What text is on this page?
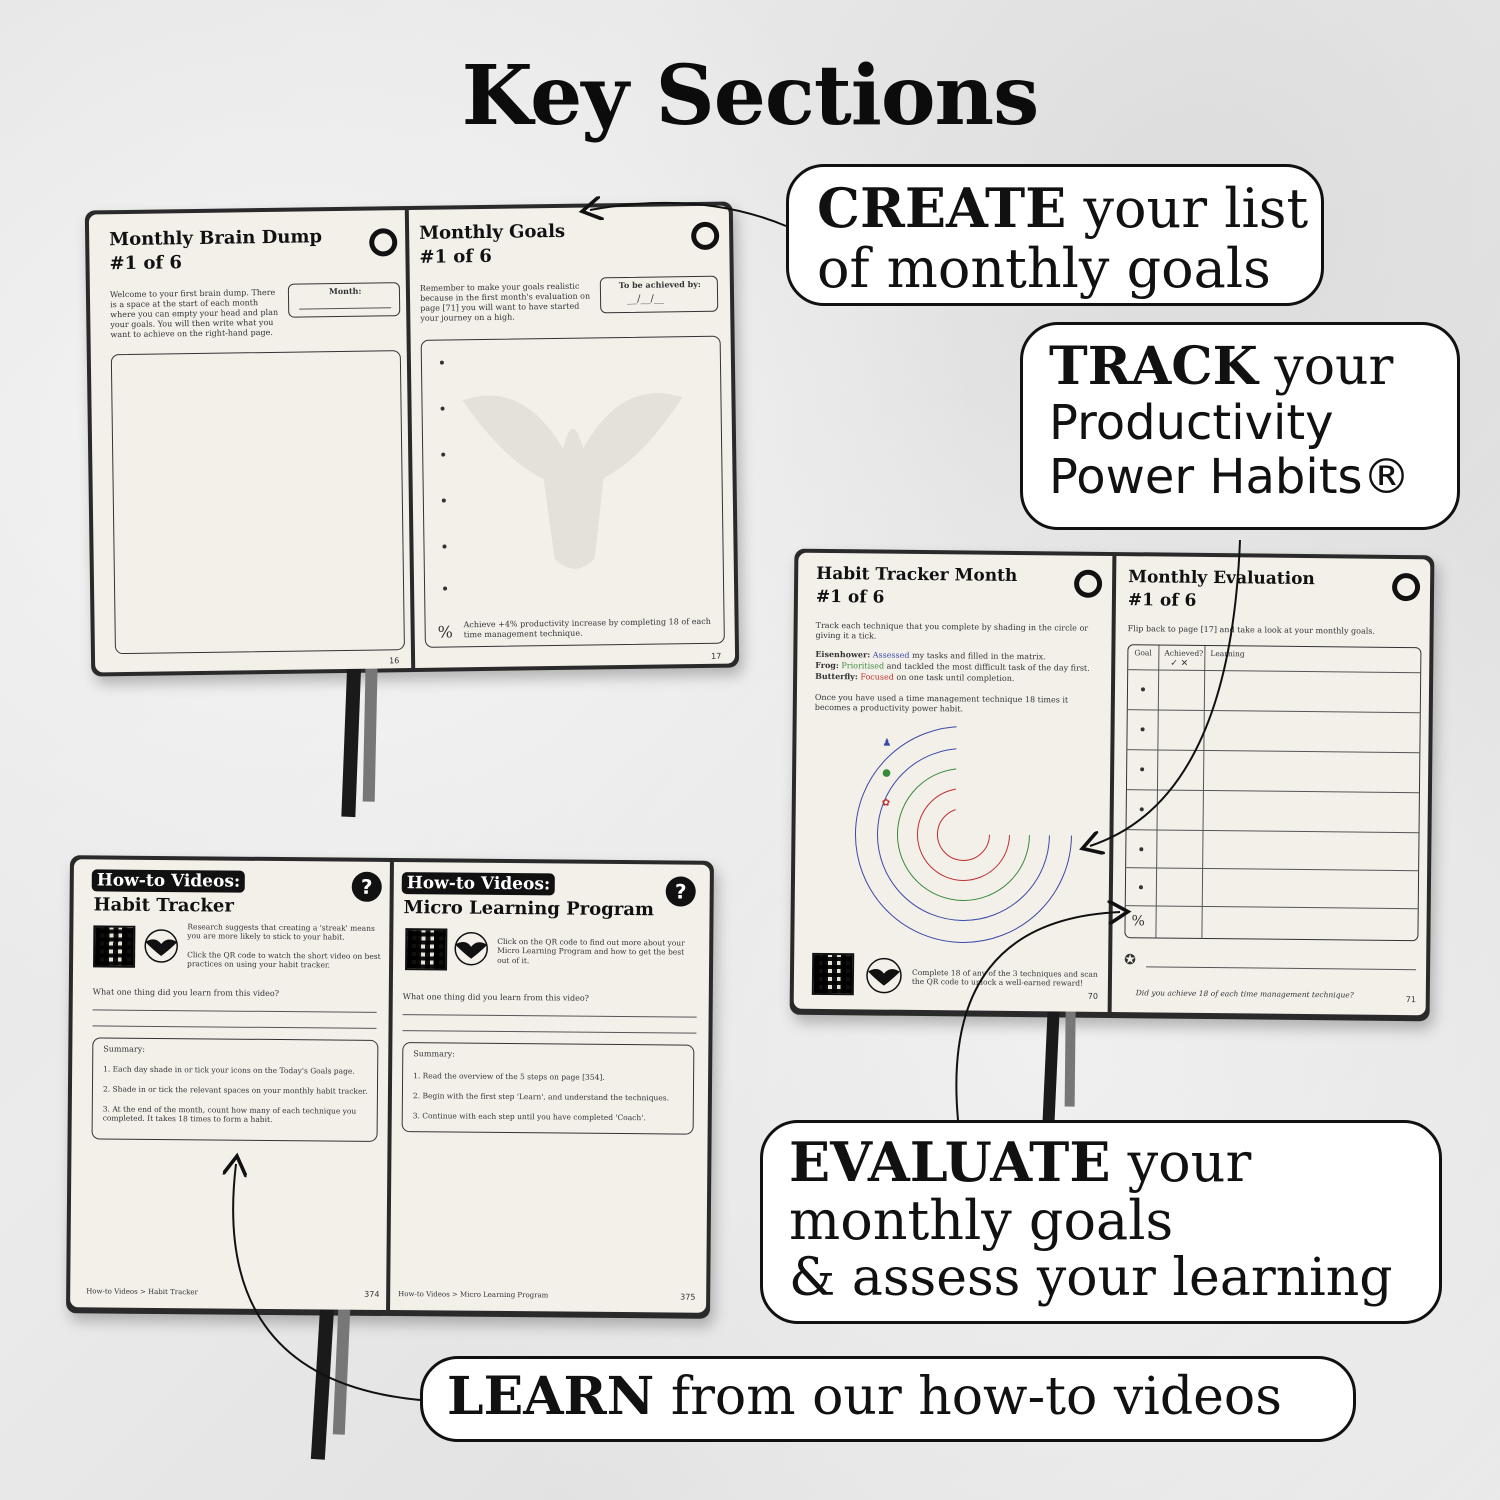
Key Sections
Monthly Brain Dump
#1 of 6
Welcome to your first brain dump. There is a space at the start of each month where you can empty your head and plan your goals. You will then write what you want to achieve on the right-hand page.
Month:
16
Monthly Goals
#1 of 6
Remember to make your goals realistic because in the first month's evaluation on page [71] you will want to have started your journey on a high.
To be achieved by:
__/__/__
% Achieve +4% productivity increase by completing 18 of each time management technique.
17
Habit Tracker Month
#1 of 6
Track each technique that you complete by shading in the circle or giving it a tick.
Eisenhower: Assessed my tasks and filled in the matrix.
Frog: Prioritised and tackled the most difficult task of the day first.
Butterfly: Focused on one task until completion.
Once you have used a time management technique 18 times it becomes a productivity power habit.
♟
●
✿
Complete 18 of any of the 3 techniques and scan the QR code to unlock a well-earned reward!
70
Monthly Evaluation
#1 of 6
Flip back to page [17] and take a look at your monthly goals.
Goal Achieved? Learning
✓ ✕
%
✪
Did you achieve 18 of each time management technique?
71
How-to Videos:
Habit Tracker
?
Research suggests that creating a 'streak' means you are more likely to stick to your habit.
Click the QR code to watch the short video on best practices on using your habit tracker.
What one thing did you learn from this video?
Summary:
1. Each day shade in or tick your icons on the Today's Goals page.
2. Shade in or tick the relevant spaces on your monthly habit tracker.
3. At the end of the month, count how many of each technique you completed. It takes 18 times to form a habit.
How-to Videos > Habit Tracker	374
How-to Videos:
Micro Learning Program
?
Click on the QR code to find out more about your Micro Learning Program and how to get the best out of it.
What one thing did you learn from this video?
Summary:
1. Read the overview of the 5 steps on page [354].
2. Begin with the first step 'Learn', and understand the techniques.
3. Continue with each step until you have completed 'Coach'.
How-to Videos > Micro Learning Program	375
CREATE your list
of monthly goals
TRACK your
Productivity
Power Habits®
EVALUATE your
monthly goals
& assess your learning
LEARN from our how-to videos
